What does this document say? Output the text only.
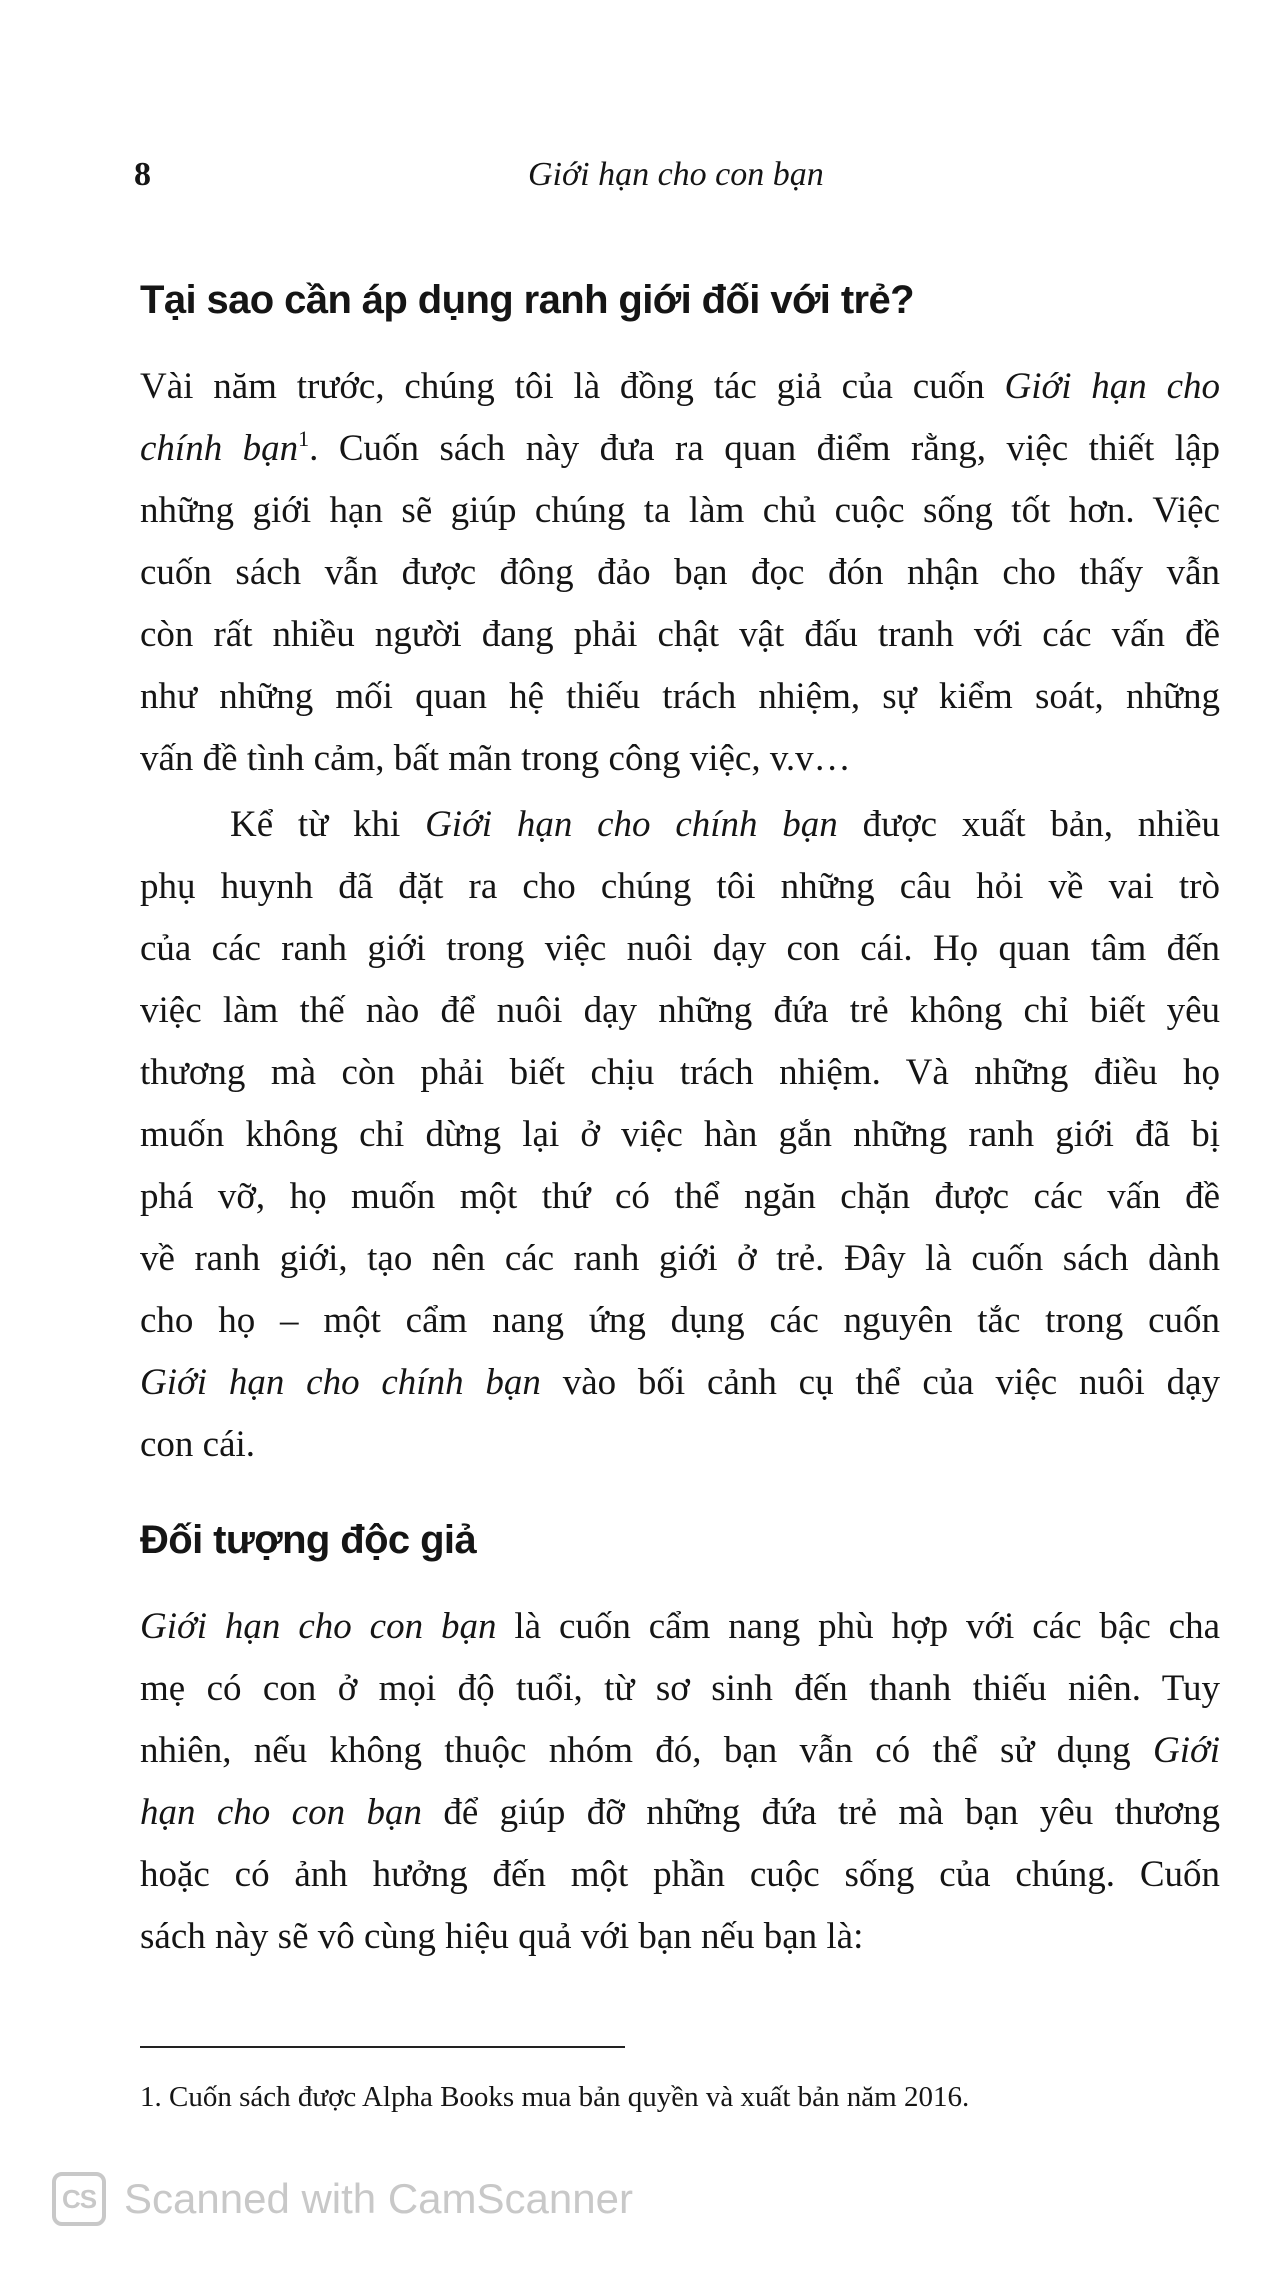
8	Giới hạn cho con bạn
Tại sao cần áp dụng ranh giới đối với trẻ?
Vài năm trước, chúng tôi là đồng tác giả của cuốn Giới hạn cho
chính bạn$^1$. Cuốn sách này đưa ra quan điểm rằng, việc thiết lập
những giới hạn sẽ giúp chúng ta làm chủ cuộc sống tốt hơn. Việc
cuốn sách vẫn được đông đảo bạn đọc đón nhận cho thấy vẫn
còn rất nhiều người đang phải chật vật đấu tranh với các vấn đề
như những mối quan hệ thiếu trách nhiệm, sự kiểm soát, những
vấn đề tình cảm, bất mãn trong công việc, v.v…
Kể từ khi Giới hạn cho chính bạn được xuất bản, nhiều
phụ huynh đã đặt ra cho chúng tôi những câu hỏi về vai trò
của các ranh giới trong việc nuôi dạy con cái. Họ quan tâm đến
việc làm thế nào để nuôi dạy những đứa trẻ không chỉ biết yêu
thương mà còn phải biết chịu trách nhiệm. Và những điều họ
muốn không chỉ dừng lại ở việc hàn gắn những ranh giới đã bị
phá vỡ, họ muốn một thứ có thể ngăn chặn được các vấn đề
về ranh giới, tạo nên các ranh giới ở trẻ. Đây là cuốn sách dành
cho họ – một cẩm nang ứng dụng các nguyên tắc trong cuốn
Giới hạn cho chính bạn vào bối cảnh cụ thể của việc nuôi dạy
con cái.
Đối tượng độc giả
Giới hạn cho con bạn là cuốn cẩm nang phù hợp với các bậc cha
mẹ có con ở mọi độ tuổi, từ sơ sinh đến thanh thiếu niên. Tuy
nhiên, nếu không thuộc nhóm đó, bạn vẫn có thể sử dụng Giới
hạn cho con bạn để giúp đỡ những đứa trẻ mà bạn yêu thương
hoặc có ảnh hưởng đến một phần cuộc sống của chúng. Cuốn
sách này sẽ vô cùng hiệu quả với bạn nếu bạn là:

1. Cuốn sách được Alpha Books mua bản quyền và xuất bản năm 2016.

CS Scanned with CamScanner
